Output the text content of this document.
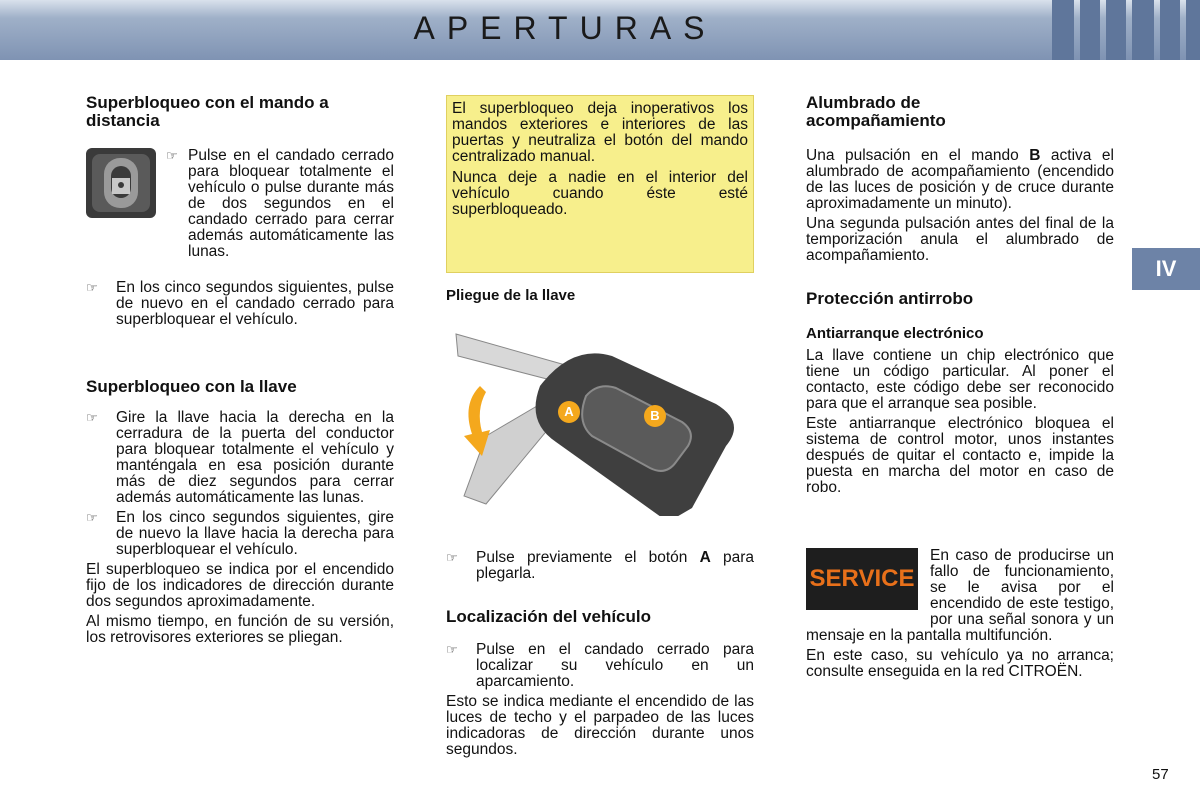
APERTURAS
IV
Superbloqueo con el mando a distancia
☞ Pulse en el candado cerrado para bloquear totalmente el vehículo o pulse durante más de dos segundos en el candado cerrado para cerrar además automáticamente las lunas.
☞ En los cinco segundos siguientes, pulse de nuevo en el candado cerrado para superbloquear el vehículo.
Superbloqueo con la llave
☞ Gire la llave hacia la derecha en la cerradura de la puerta del conductor para bloquear totalmente el vehículo y manténgala en esa posición durante más de diez segundos para cerrar además automáticamente las lunas.
☞ En los cinco segundos siguientes, gire de nuevo la llave hacia la derecha para superbloquear el vehículo.

El superbloqueo se indica por el encendido fijo de los indicadores de dirección durante dos segundos aproximadamente.

Al mismo tiempo, en función de su versión, los retrovisores exteriores se pliegan.

El superbloqueo deja inoperativos los mandos exteriores e interiores de las puertas y neutraliza el botón del mando centralizado manual.

Nunca deje a nadie en el interior del vehículo cuando éste esté superbloqueado.

Pliegue de la llave
A	B
☞ Pulse previamente el botón A para plegarla.
Localización del vehículo
☞ Pulse en el candado cerrado para localizar su vehículo en un aparcamiento.

Esto se indica mediante el encendido de las luces de techo y el parpadeo de las luces indicadoras de dirección durante unos segundos.

Alumbrado de acompañamiento

Una pulsación en el mando B activa el alumbrado de acompañamiento (encendido de las luces de posición y de cruce durante aproximadamente un minuto).

Una segunda pulsación antes del final de la temporización anula el alumbrado de acompañamiento.

Protección antirrobo
Antiarranque electrónico

La llave contiene un chip electrónico que tiene un código particular. Al poner el contacto, este código debe ser reconocido para que el arranque sea posible.

Este antiarranque electrónico bloquea el sistema de control motor, unos instantes después de quitar el contacto e, impide la puesta en marcha del motor en caso de robo.

SERVICE

En caso de producirse un fallo de funcionamiento, se le avisa por el encendido de este testigo, por una señal sonora y un mensaje en la pantalla multifunción.

En este caso, su vehículo ya no arranca; consulte enseguida en la red CITROËN.

57
